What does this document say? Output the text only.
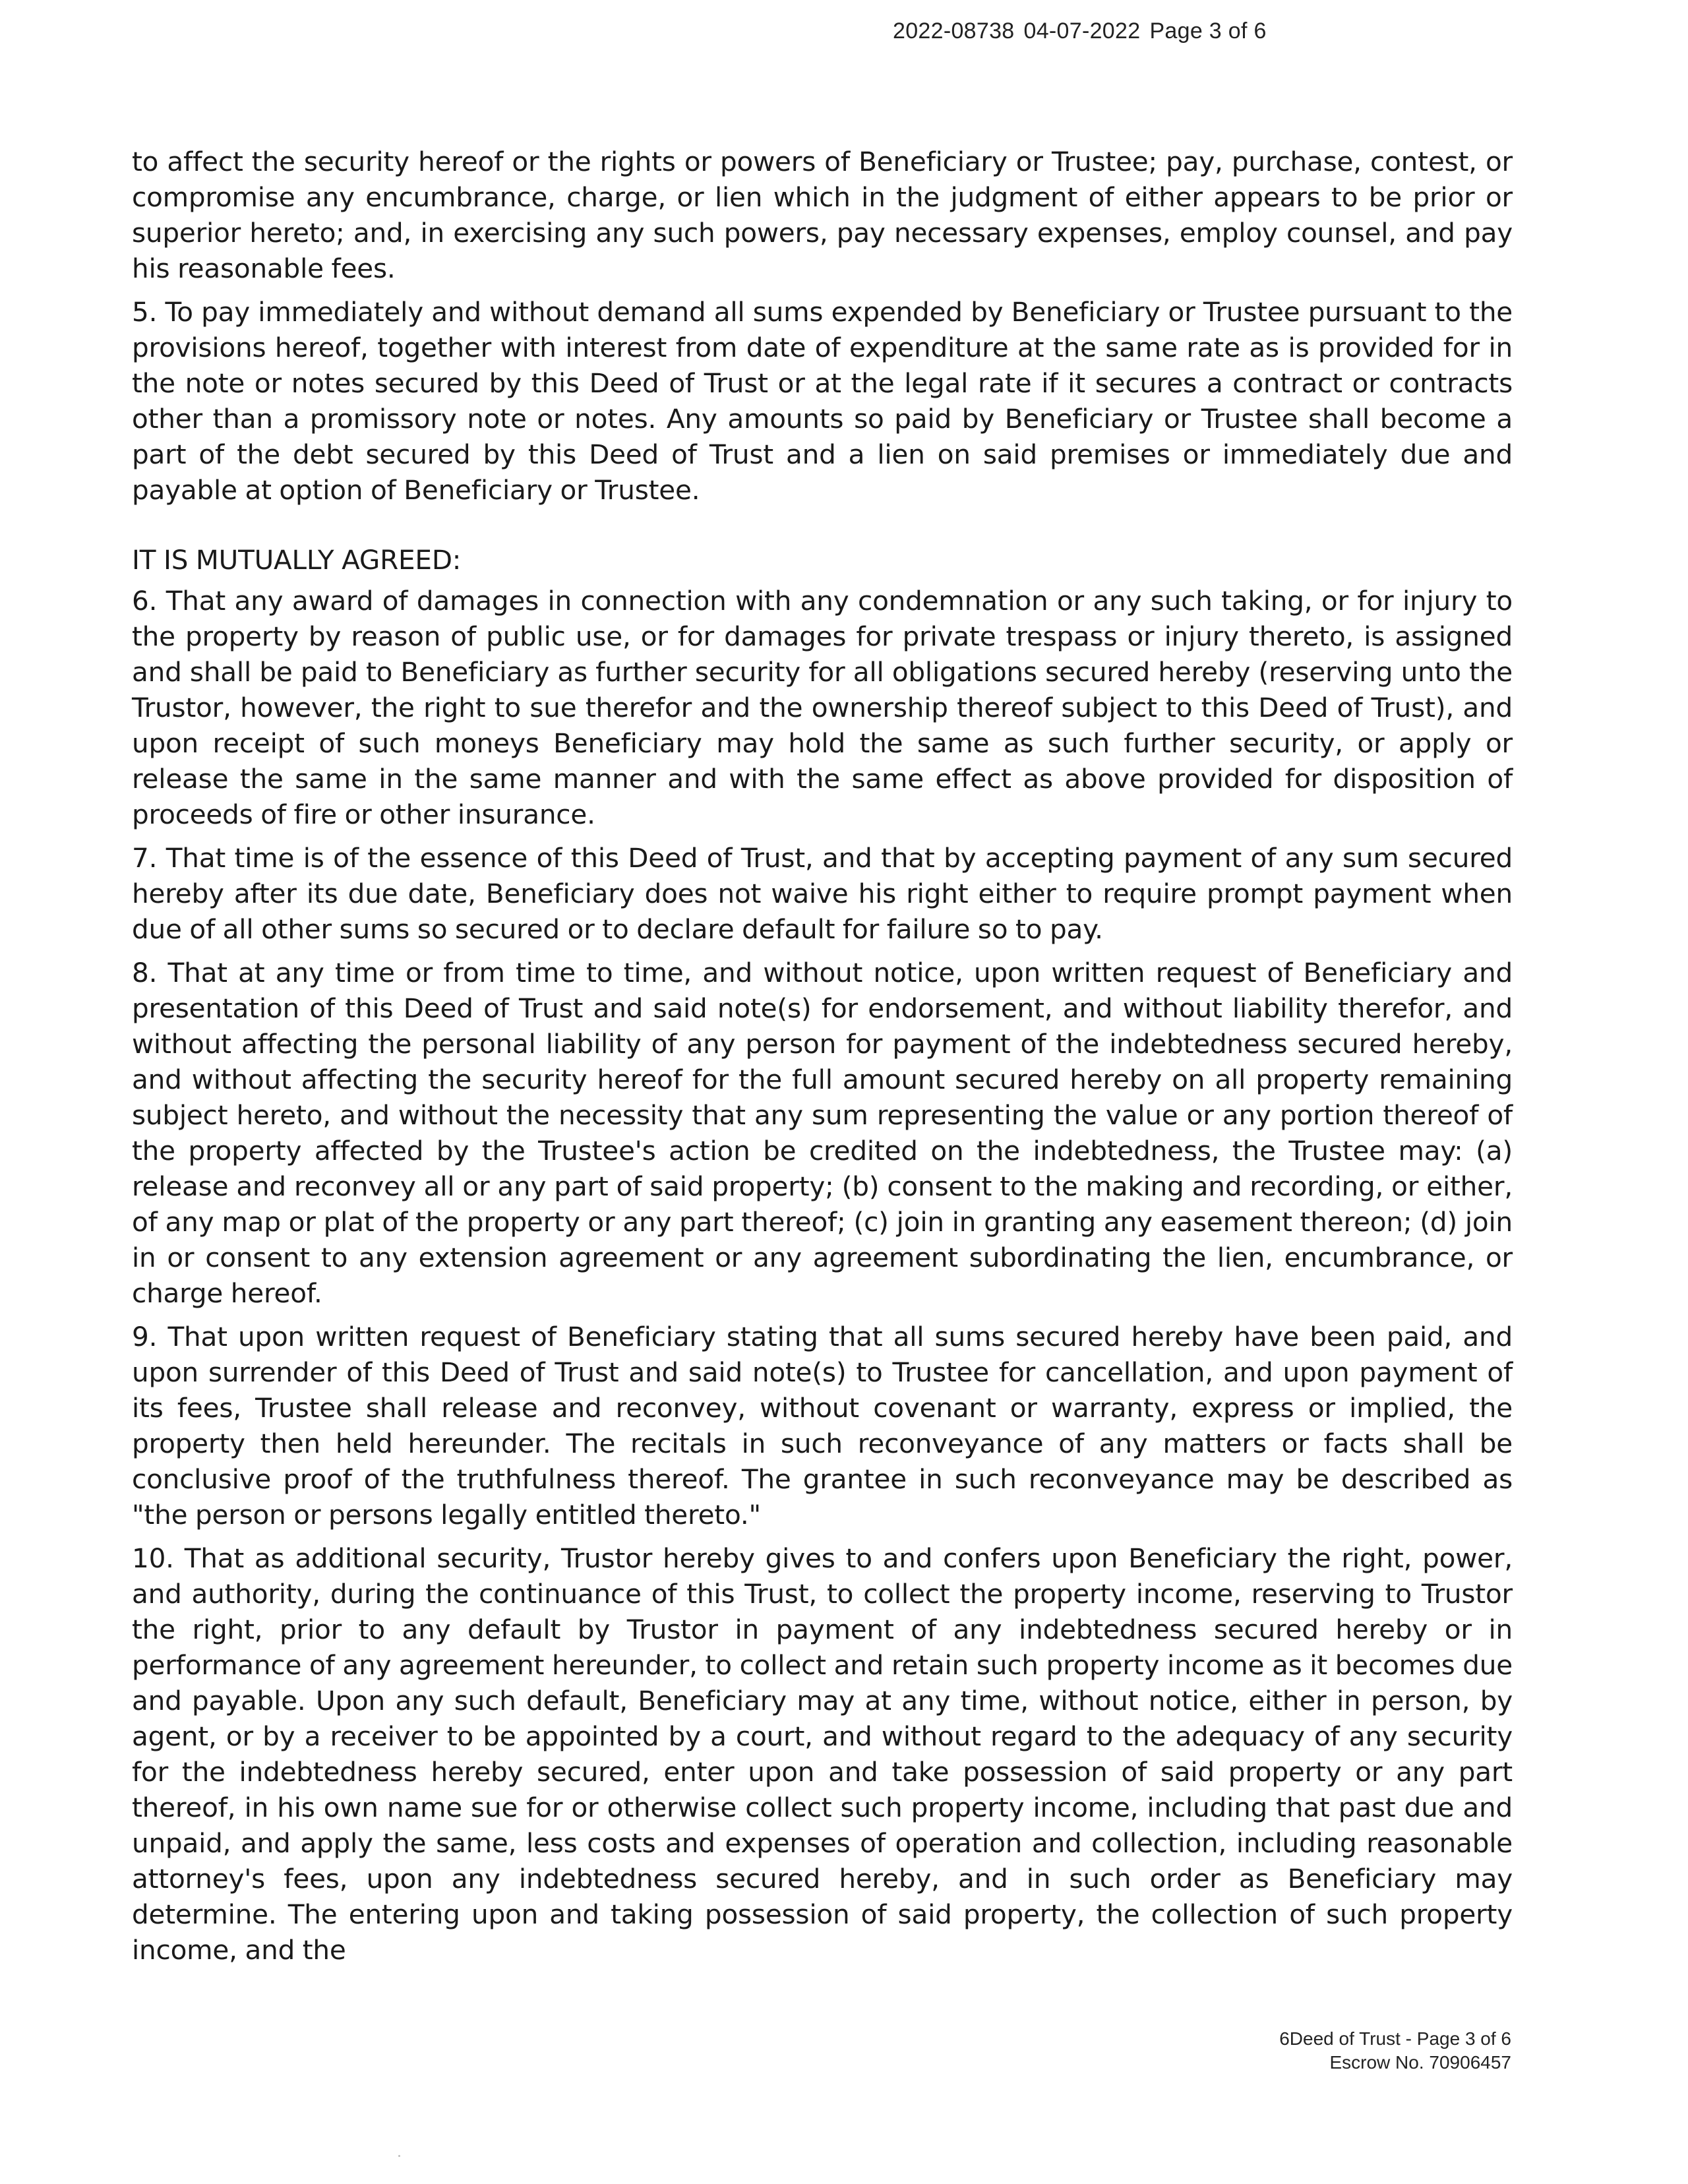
2022-08738 04-07-2022 Page 3 of 6

to affect the security hereof or the rights or powers of Beneficiary or Trustee; pay, purchase, contest, or compromise any encumbrance, charge, or lien which in the judgment of either appears to be prior or superior hereto; and, in exercising any such powers, pay necessary expenses, employ counsel, and pay his reasonable fees.

5. To pay immediately and without demand all sums expended by Beneficiary or Trustee pursuant to the provisions hereof, together with interest from date of expenditure at the same rate as is provided for in the note or notes secured by this Deed of Trust or at the legal rate if it secures a contract or contracts other than a promissory note or notes. Any amounts so paid by Beneficiary or Trustee shall become a part of the debt secured by this Deed of Trust and a lien on said premises or immediately due and payable at option of Beneficiary or Trustee.

IT IS MUTUALLY AGREED:

6. That any award of damages in connection with any condemnation or any such taking, or for injury to the property by reason of public use, or for damages for private trespass or injury thereto, is assigned and shall be paid to Beneficiary as further security for all obligations secured hereby (reserving unto the Trustor, however, the right to sue therefor and the ownership thereof subject to this Deed of Trust), and upon receipt of such moneys Beneficiary may hold the same as such further security, or apply or release the same in the same manner and with the same effect as above provided for disposition of proceeds of fire or other insurance.

7. That time is of the essence of this Deed of Trust, and that by accepting payment of any sum secured hereby after its due date, Beneficiary does not waive his right either to require prompt payment when due of all other sums so secured or to declare default for failure so to pay.

8. That at any time or from time to time, and without notice, upon written request of Beneficiary and presentation of this Deed of Trust and said note(s) for endorsement, and without liability therefor, and without affecting the personal liability of any person for payment of the indebtedness secured hereby, and without affecting the security hereof for the full amount secured hereby on all property remaining subject hereto, and without the necessity that any sum representing the value or any portion thereof of the property affected by the Trustee's action be credited on the indebtedness, the Trustee may: (a) release and reconvey all or any part of said property; (b) consent to the making and recording, or either, of any map or plat of the property or any part thereof; (c) join in granting any easement thereon; (d) join in or consent to any extension agreement or any agreement subordinating the lien, encumbrance, or charge hereof.

9. That upon written request of Beneficiary stating that all sums secured hereby have been paid, and upon surrender of this Deed of Trust and said note(s) to Trustee for cancellation, and upon payment of its fees, Trustee shall release and reconvey, without covenant or warranty, express or implied, the property then held hereunder. The recitals in such reconveyance of any matters or facts shall be conclusive proof of the truthfulness thereof. The grantee in such reconveyance may be described as "the person or persons legally entitled thereto."

10. That as additional security, Trustor hereby gives to and confers upon Beneficiary the right, power, and authority, during the continuance of this Trust, to collect the property income, reserving to Trustor the right, prior to any default by Trustor in payment of any indebtedness secured hereby or in performance of any agreement hereunder, to collect and retain such property income as it becomes due and payable. Upon any such default, Beneficiary may at any time, without notice, either in person, by agent, or by a receiver to be appointed by a court, and without regard to the adequacy of any security for the indebtedness hereby secured, enter upon and take possession of said property or any part thereof, in his own name sue for or otherwise collect such property income, including that past due and unpaid, and apply the same, less costs and expenses of operation and collection, including reasonable attorney's fees, upon any indebtedness secured hereby, and in such order as Beneficiary may determine. The entering upon and taking possession of said property, the collection of such property income, and the

6Deed of Trust - Page 3 of 6
Escrow No. 70906457
